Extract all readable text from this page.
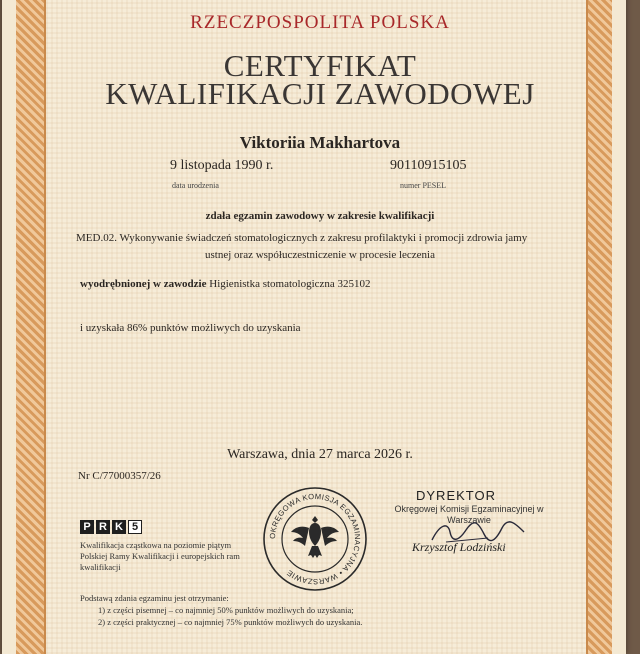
RZECZPOSPOLITA POLSKA
CERTYFIKAT
KWALIFIKACJI ZAWODOWEJ
Viktoriia Makhartova
9 listopada 1990 r.
data urodzenia
90110915105
numer PESEL
zdała egzamin zawodowy w zakresie kwalifikacji
MED.02. Wykonywanie świadczeń stomatologicznych z zakresu profilaktyki i promocji zdrowia jamy
ustnej oraz współuczestniczenie w procesie leczenia
wyodrębnionej w zawodzie Higienistka stomatologiczna 325102
i uzyskała 86% punktów możliwych do uzyskania
Warszawa, dnia 27 marca 2026 r.
Nr C/77000357/26
P R K 5
Kwalifikacja cząstkowa na poziomie piątym Polskiej Ramy Kwalifikacji i europejskich ram kwalifikacji
OKRĘGOWA KOMISJA EGZAMINACYJNA • WARSZAWIE
DYREKTOR
Okręgowej Komisji Egzaminacyjnej w Warszawie
Krzysztof Lodziński
Podstawą zdania egzaminu jest otrzymanie:
1) z części pisemnej – co najmniej 50% punktów możliwych do uzyskania;
2) z części praktycznej – co najmniej 75% punktów możliwych do uzyskania.
